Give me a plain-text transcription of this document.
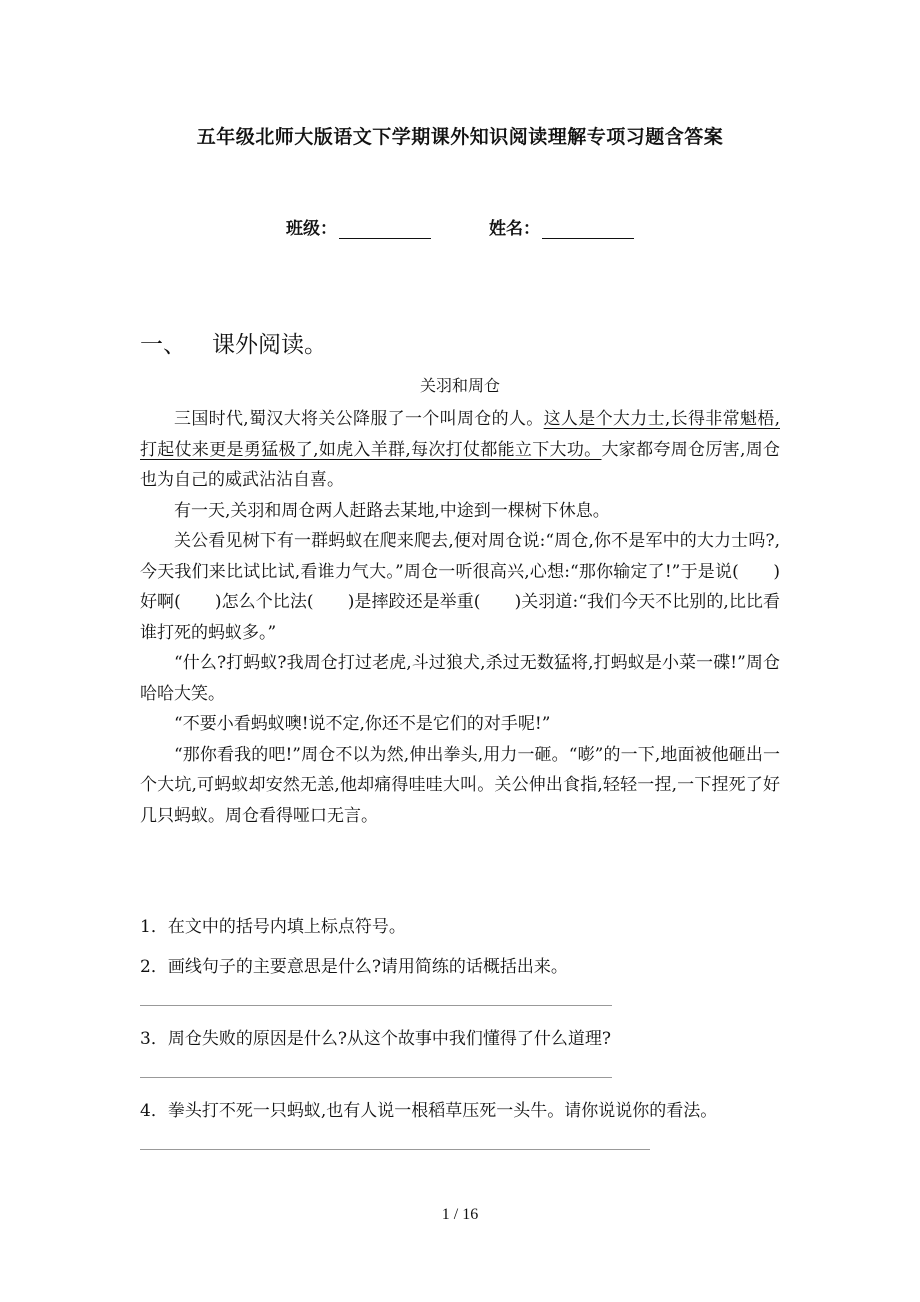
五年级北师大版语文下学期课外知识阅读理解专项习题含答案
班级：	姓名：
一、 课外阅读。
关羽和周仓

三国时代,蜀汉大将关公降服了一个叫周仓的人。这人是个大力士,长得非常魁梧,打起仗来更是勇猛极了,如虎入羊群,每次打仗都能立下大功。大家都夸周仓厉害,周仓也为自己的威武沾沾自喜。

有一天,关羽和周仓两人赶路去某地,中途到一棵树下休息。

关公看见树下有一群蚂蚁在爬来爬去,便对周仓说:“周仓,你不是军中的大力士吗?,今天我们来比试比试,看谁力气大。”周仓一听很高兴,心想:“那你输定了!”于是说(　　)好啊(　　)怎么个比法(　　)是摔跤还是举重(　　)关羽道:“我们今天不比别的,比比看谁打死的蚂蚁多。”

“什么?打蚂蚁?我周仓打过老虎,斗过狼犬,杀过无数猛将,打蚂蚁是小菜一碟!”周仓哈哈大笑。

“不要小看蚂蚁噢!说不定,你还不是它们的对手呢!”

“那你看我的吧!”周仓不以为然,伸出拳头,用力一砸。“嘭”的一下,地面被他砸出一个大坑,可蚂蚁却安然无恙,他却痛得哇哇大叫。关公伸出食指,轻轻一捏,一下捏死了好几只蚂蚁。周仓看得哑口无言。

1．在文中的括号内填上标点符号。
2．画线句子的主要意思是什么?请用简练的话概括出来。
3．周仓失败的原因是什么?从这个故事中我们懂得了什么道理?
4．拳头打不死一只蚂蚁,也有人说一根稻草压死一头牛。请你说说你的看法。
1 / 16
